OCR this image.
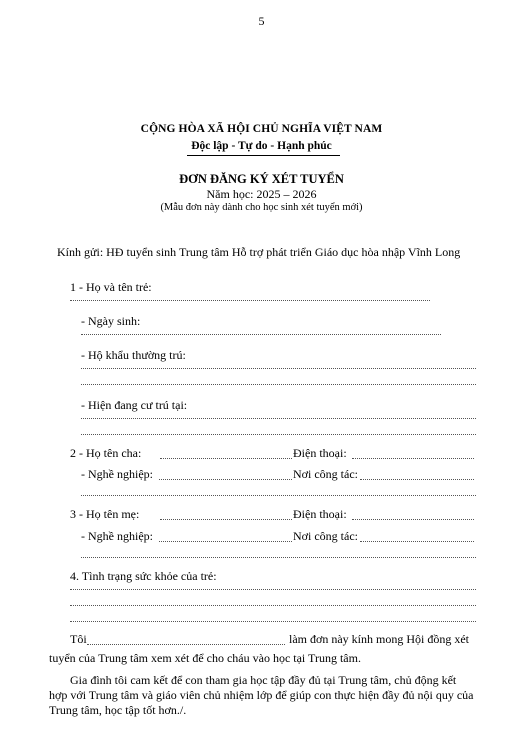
5
CỘNG HÒA XÃ HỘI CHỦ NGHĨA VIỆT NAM
Độc lập - Tự do - Hạnh phúc
ĐƠN ĐĂNG KÝ XÉT TUYỂN
Năm học: 2025 – 2026
(Mẫu đơn này dành cho học sinh xét tuyển mới)
Kính gửi: HĐ tuyển sinh Trung tâm Hỗ trợ phát triển Giáo dục hòa nhập Vĩnh Long
1 - Họ và tên trẻ:
- Ngày sinh:
- Hộ khẩu thường trú:
- Hiện đang cư trú tại:
2 - Họ tên cha:	Điện thoại:
- Nghề nghiệp:	Nơi công tác:
3 - Họ tên mẹ:	Điện thoại:
- Nghề nghiệp:	Nơi công tác:
4. Tình trạng sức khỏe của trẻ:
Tôi	làm đơn này kính mong Hội đồng xét
tuyển của Trung tâm xem xét để cho cháu vào học tại Trung tâm.
Gia đình tôi cam kết để con tham gia học tập đầy đủ tại Trung tâm, chủ động kết hợp với Trung tâm và giáo viên chủ nhiệm lớp để giúp con thực hiện đầy đủ nội quy của Trung tâm, học tập tốt hơn./.
